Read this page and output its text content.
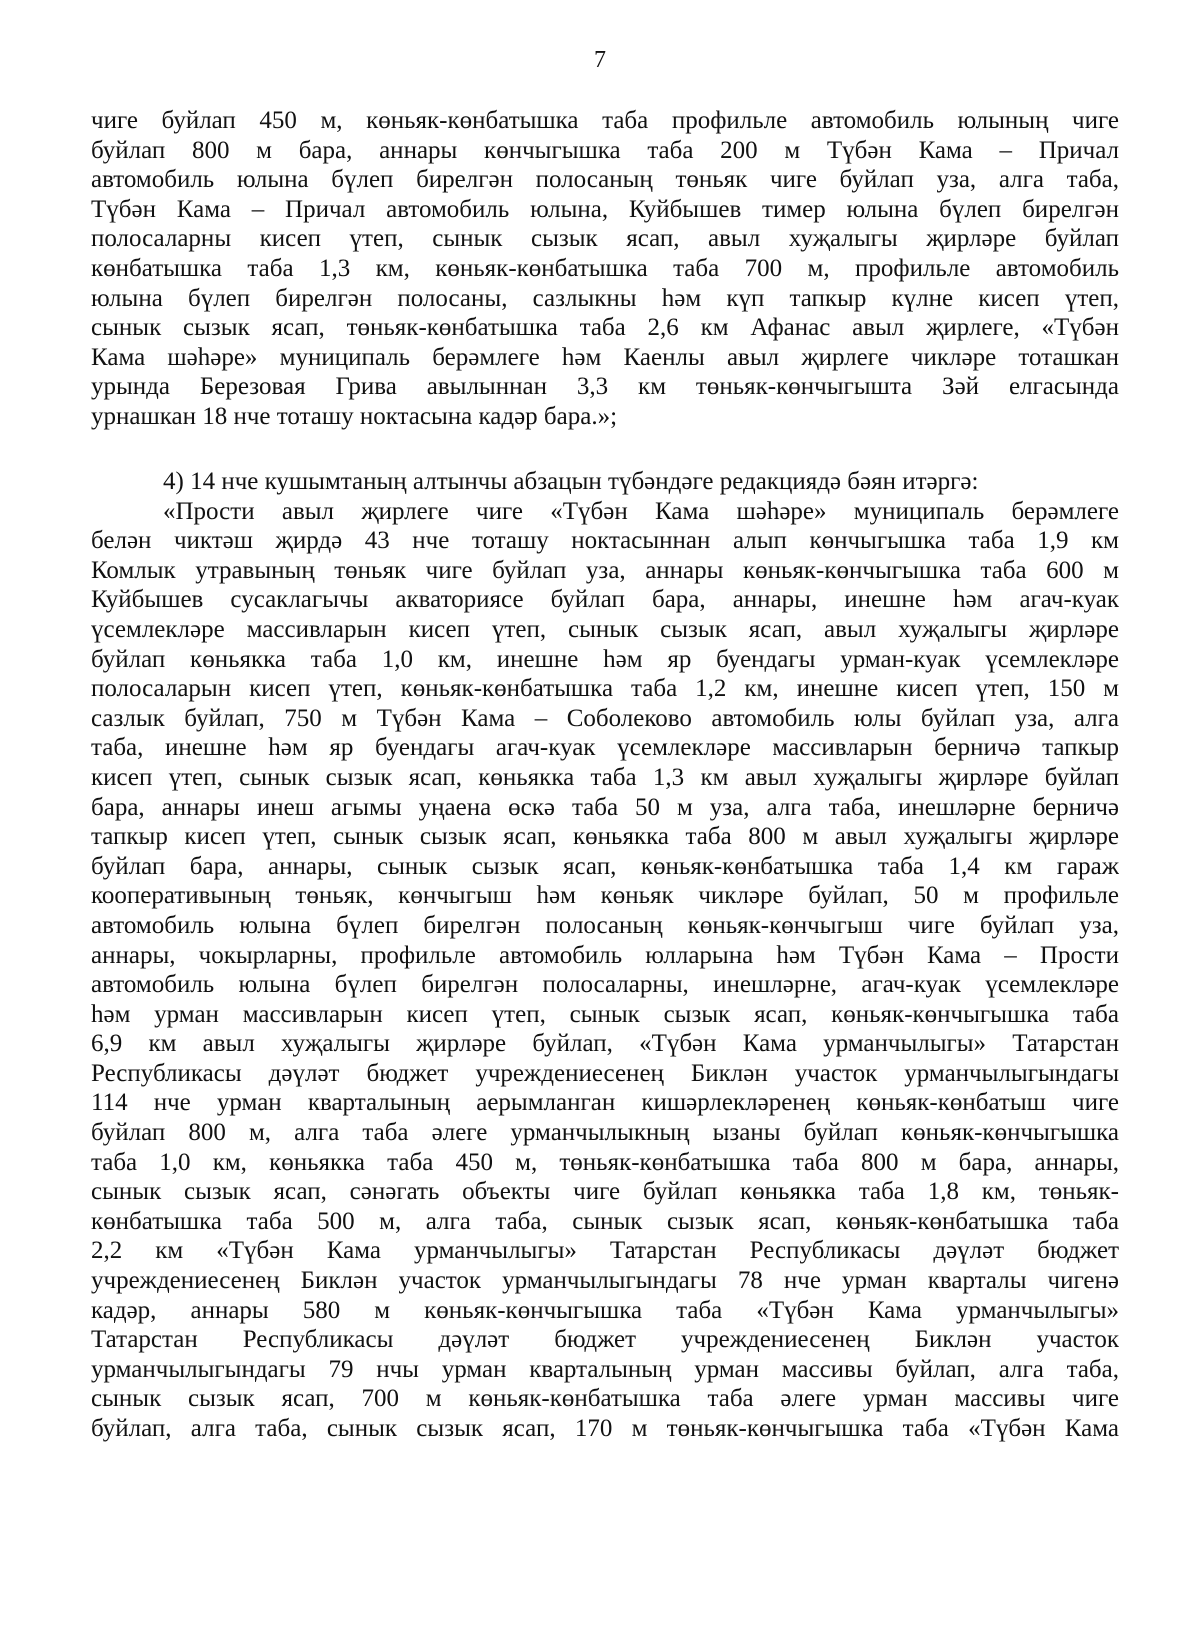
7
чиге буйлап 450 м, көньяк-көнбатышка таба профильле автомобиль юлының чиге
буйлап 800 м бара, аннары көнчыгышка таба 200 м Түбән Кама – Причал
автомобиль юлына бүлеп бирелгән полосаның төньяк чиге буйлап уза, алга таба,
Түбән Кама – Причал автомобиль юлына, Куйбышев тимер юлына бүлеп бирелгән
полосаларны кисеп үтеп, сынык сызык ясап, авыл хуҗалыгы җирләре буйлап
көнбатышка таба 1,3 км, көньяк-көнбатышка таба 700 м, профильле автомобиль
юлына бүлеп бирелгән полосаны, сазлыкны һәм күп тапкыр күлне кисеп үтеп,
сынык сызык ясап, төньяк-көнбатышка таба 2,6 км Афанас авыл җирлеге, «Түбән
Кама шәһәре» муниципаль берәмлеге һәм Каенлы авыл җирлеге чикләре тоташкан
урында Березовая Грива авылыннан 3,3 км төньяк-көнчыгышта Зәй елгасында
урнашкан 18 нче тоташу ноктасына кадәр бара.»;
4) 14 нче кушымтаның алтынчы абзацын түбәндәге редакциядә бәян итәргә:
«Прости авыл җирлеге чиге «Түбән Кама шәһәре» муниципаль берәмлеге
белән чиктәш җирдә 43 нче тоташу ноктасыннан алып көнчыгышка таба 1,9 км
Комлык утравының төньяк чиге буйлап уза, аннары көньяк-көнчыгышка таба 600 м
Куйбышев сусаклагычы акваториясе буйлап бара, аннары, инешне һәм агач-куак
үсемлекләре массивларын кисеп үтеп, сынык сызык ясап, авыл хуҗалыгы җирләре
буйлап көньякка таба 1,0 км, инешне һәм яр буендагы урман-куак үсемлекләре
полосаларын кисеп үтеп, көньяк-көнбатышка таба 1,2 км, инешне кисеп үтеп, 150 м
сазлык буйлап, 750 м Түбән Кама – Соболеково автомобиль юлы буйлап уза, алга
таба, инешне һәм яр буендагы агач-куак үсемлекләре массивларын берничә тапкыр
кисеп үтеп, сынык сызык ясап, көньякка таба 1,3 км авыл хуҗалыгы җирләре буйлап
бара, аннары инеш агымы уңаена өскә таба 50 м уза, алга таба, инешләрне берничә
тапкыр кисеп үтеп, сынык сызык ясап, көньякка таба 800 м авыл хуҗалыгы җирләре
буйлап бара, аннары, сынык сызык ясап, көньяк-көнбатышка таба 1,4 км гараж
кооперативының төньяк, көнчыгыш һәм көньяк чикләре буйлап, 50 м профильле
автомобиль юлына бүлеп бирелгән полосаның көньяк-көнчыгыш чиге буйлап уза,
аннары, чокырларны, профильле автомобиль юлларына һәм Түбән Кама – Прости
автомобиль юлына бүлеп бирелгән полосаларны, инешләрне, агач-куак үсемлекләре
һәм урман массивларын кисеп үтеп, сынык сызык ясап, көньяк-көнчыгышка таба
6,9 км авыл хуҗалыгы җирләре буйлап, «Түбән Кама урманчылыгы» Татарстан
Республикасы дәүләт бюджет учреждениесенең Биклән участок урманчылыгындагы
114 нче урман кварталының аерымланган кишәрлекләренең көньяк-көнбатыш чиге
буйлап 800 м, алга таба әлеге урманчылыкның ызаны буйлап көньяк-көнчыгышка
таба 1,0 км, көньякка таба 450 м, төньяк-көнбатышка таба 800 м бара, аннары,
сынык сызык ясап, сәнәгать объекты чиге буйлап көньякка таба 1,8 км, төньяк-
көнбатышка таба 500 м, алга таба, сынык сызык ясап, көньяк-көнбатышка таба
2,2 км «Түбән Кама урманчылыгы» Татарстан Республикасы дәүләт бюджет
учреждениесенең Биклән участок урманчылыгындагы 78 нче урман кварталы чигенә
кадәр, аннары 580 м көньяк-көнчыгышка таба «Түбән Кама урманчылыгы»
Татарстан Республикасы дәүләт бюджет учреждениесенең Биклән участок
урманчылыгындагы 79 нчы урман кварталының урман массивы буйлап, алга таба,
сынык сызык ясап, 700 м көньяк-көнбатышка таба әлеге урман массивы чиге
буйлап, алга таба, сынык сызык ясап, 170 м төньяк-көнчыгышка таба «Түбән Кама
